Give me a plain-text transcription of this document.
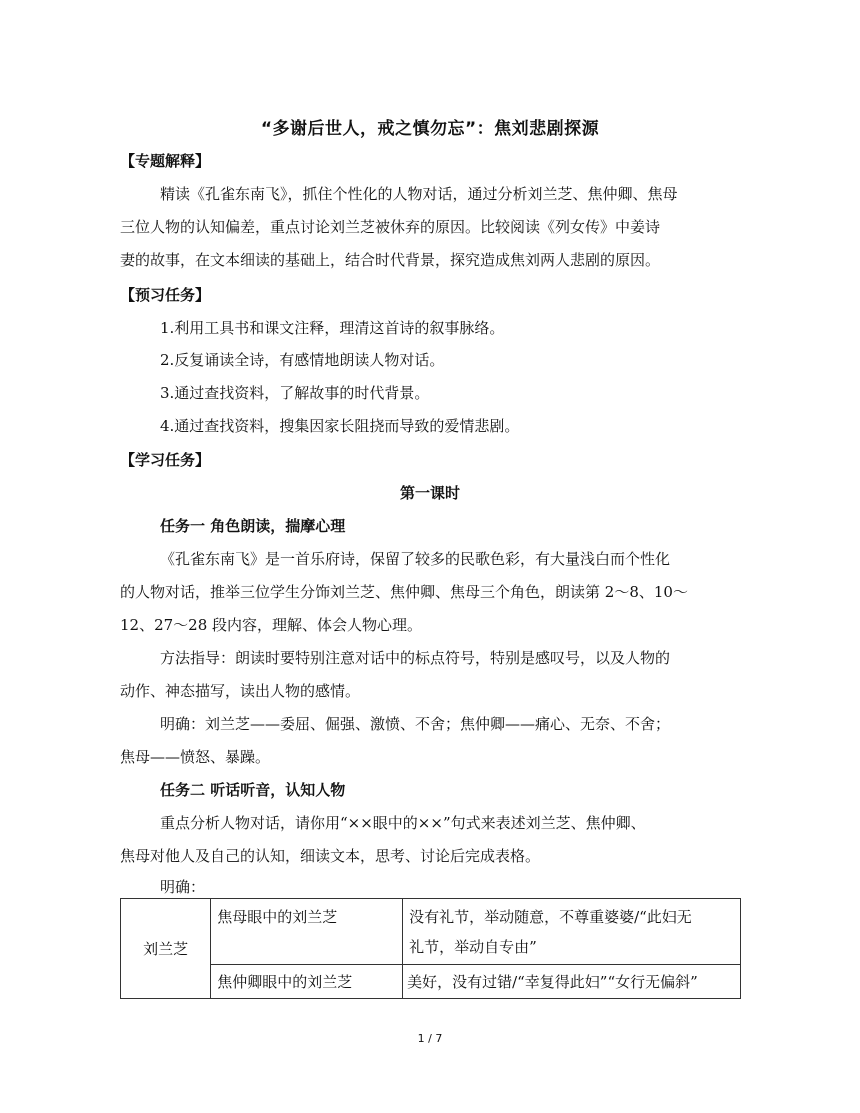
“多谢后世人，戒之慎勿忘”：焦刘悲剧探源
【专题解释】
精读《孔雀东南飞》，抓住个性化的人物对话，通过分析刘兰芝、焦仲卿、焦母
三位人物的认知偏差，重点讨论刘兰芝被休弃的原因。比较阅读《列女传》中姜诗
妻的故事，在文本细读的基础上，结合时代背景，探究造成焦刘两人悲剧的原因。
【预习任务】
1.利用工具书和课文注释，理清这首诗的叙事脉络。
2.反复诵读全诗，有感情地朗读人物对话。
3.通过查找资料，了解故事的时代背景。
4.通过查找资料，搜集因家长阻挠而导致的爱情悲剧。
【学习任务】
第一课时
任务一 角色朗读，揣摩心理
《孔雀东南飞》是一首乐府诗，保留了较多的民歌色彩，有大量浅白而个性化
的人物对话，推举三位学生分饰刘兰芝、焦仲卿、焦母三个角色，朗读第 2～8、10～
12、27～28 段内容，理解、体会人物心理。
方法指导：朗读时要特别注意对话中的标点符号，特别是感叹号，以及人物的
动作、神态描写，读出人物的感情。
明确：刘兰芝——委屈、倔强、激愤、不舍；焦仲卿——痛心、无奈、不舍；
焦母——愤怒、暴躁。
任务二 听话听音，认知人物
重点分析人物对话，请你用“××眼中的××”句式来表述刘兰芝、焦仲卿、
焦母对他人及自己的认知，细读文本，思考、讨论后完成表格。
明确：
刘兰芝	焦母眼中的刘兰芝	没有礼节，举动随意，不尊重婆婆/“此妇无
礼节，举动自专由”

	焦仲卿眼中的刘兰芝	美好，没有过错/“幸复得此妇”“女行无偏斜”
1 / 7
